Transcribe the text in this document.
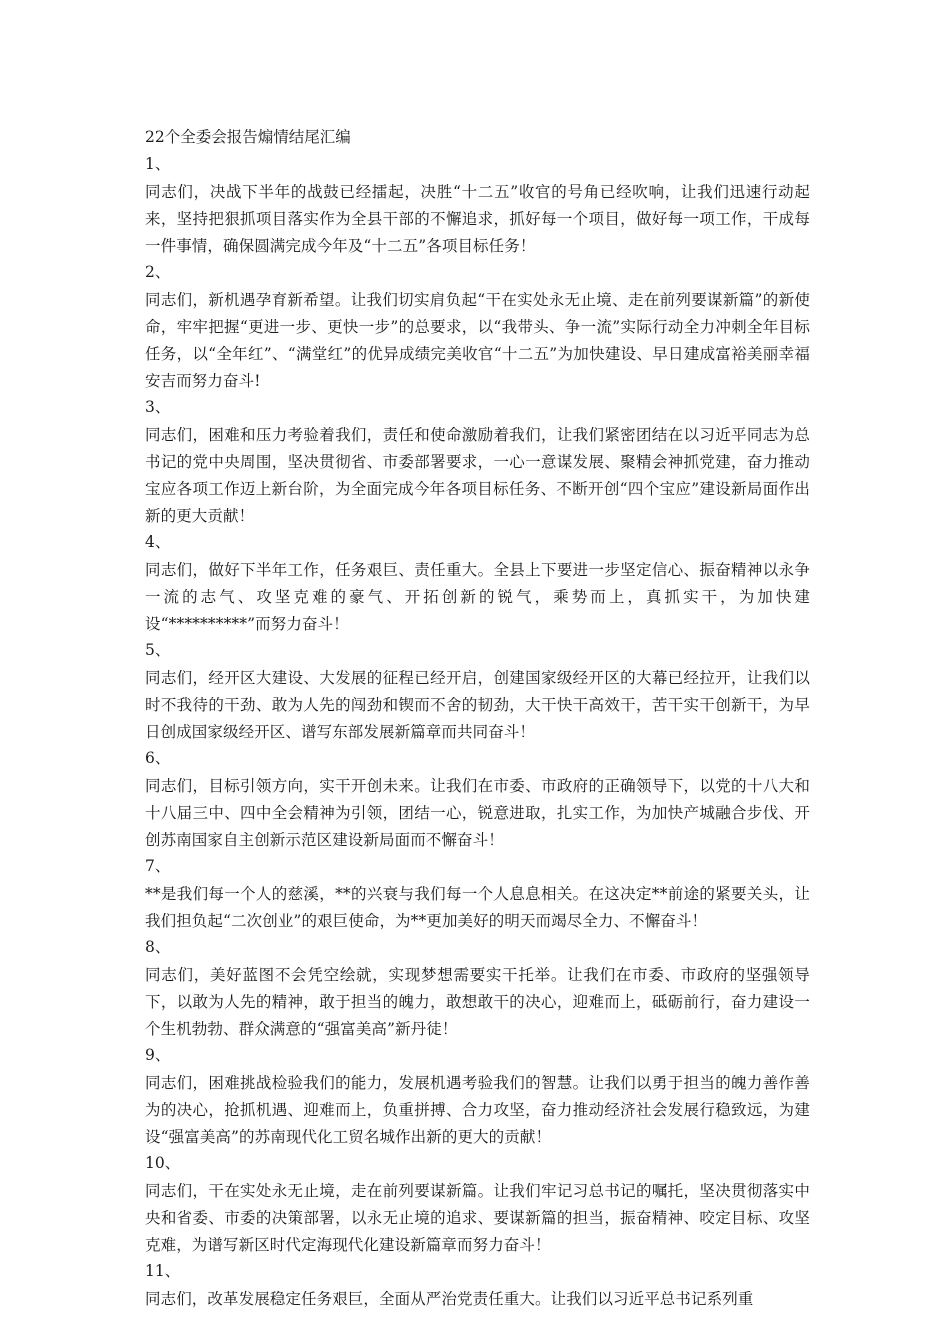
22个全委会报告煽情结尾汇编

1、

同志们，决战下半年的战鼓已经擂起，决胜“十二五”收官的号角已经吹响，让我们迅速行动起来，坚持把狠抓项目落实作为全县干部的不懈追求，抓好每一个项目，做好每一项工作，干成每一件事情，确保圆满完成今年及“十二五”各项目标任务！

2、

同志们，新机遇孕育新希望。让我们切实肩负起“干在实处永无止境、走在前列要谋新篇”的新使命，牢牢把握“更进一步、更快一步”的总要求，以“我带头、争一流”实际行动全力冲刺全年目标任务，以“全年红”、“满堂红”的优异成绩完美收官“十二五”为加快建设、早日建成富裕美丽幸福安吉而努力奋斗!

3、

同志们，困难和压力考验着我们，责任和使命激励着我们，让我们紧密团结在以习近平同志为总书记的党中央周围，坚决贯彻省、市委部署要求，一心一意谋发展、聚精会神抓党建，奋力推动宝应各项工作迈上新台阶，为全面完成今年各项目标任务、不断开创“四个宝应”建设新局面作出新的更大贡献！

4、

同志们，做好下半年工作，任务艰巨、责任重大。全县上下要进一步坚定信心、振奋精神以永争一流的志气、攻坚克难的豪气、开拓创新的锐气，乘势而上，真抓实干，为加快建设“**********”而努力奋斗！

5、

同志们，经开区大建设、大发展的征程已经开启，创建国家级经开区的大幕已经拉开，让我们以时不我待的干劲、敢为人先的闯劲和锲而不舍的韧劲，大干快干高效干，苦干实干创新干，为早日创成国家级经开区、谱写东部发展新篇章而共同奋斗！

6、

同志们，目标引领方向，实干开创未来。让我们在市委、市政府的正确领导下，以党的十八大和十八届三中、四中全会精神为引领，团结一心，锐意进取，扎实工作，为加快产城融合步伐、开创苏南国家自主创新示范区建设新局面而不懈奋斗！

7、

**是我们每一个人的慈溪，**的兴衰与我们每一个人息息相关。在这决定**前途的紧要关头，让我们担负起“二次创业”的艰巨使命，为**更加美好的明天而竭尽全力、不懈奋斗！

8、

同志们，美好蓝图不会凭空绘就，实现梦想需要实干托举。让我们在市委、市政府的坚强领导下，以敢为人先的精神，敢于担当的魄力，敢想敢干的决心，迎难而上，砥砺前行，奋力建设一个生机勃勃、群众满意的“强富美高”新丹徒！

9、

同志们，困难挑战检验我们的能力，发展机遇考验我们的智慧。让我们以勇于担当的魄力善作善为的决心，抢抓机遇、迎难而上，负重拼搏、合力攻坚，奋力推动经济社会发展行稳致远，为建设“强富美高”的苏南现代化工贸名城作出新的更大的贡献！

10、

同志们，干在实处永无止境，走在前列要谋新篇。让我们牢记习总书记的嘱托，坚决贯彻落实中央和省委、市委的决策部署，以永无止境的追求、要谋新篇的担当，振奋精神、咬定目标、攻坚克难，为谱写新区时代定海现代化建设新篇章而努力奋斗！

11、

同志们，改革发展稳定任务艰巨，全面从严治党责任重大。让我们以习近平总书记系列重
